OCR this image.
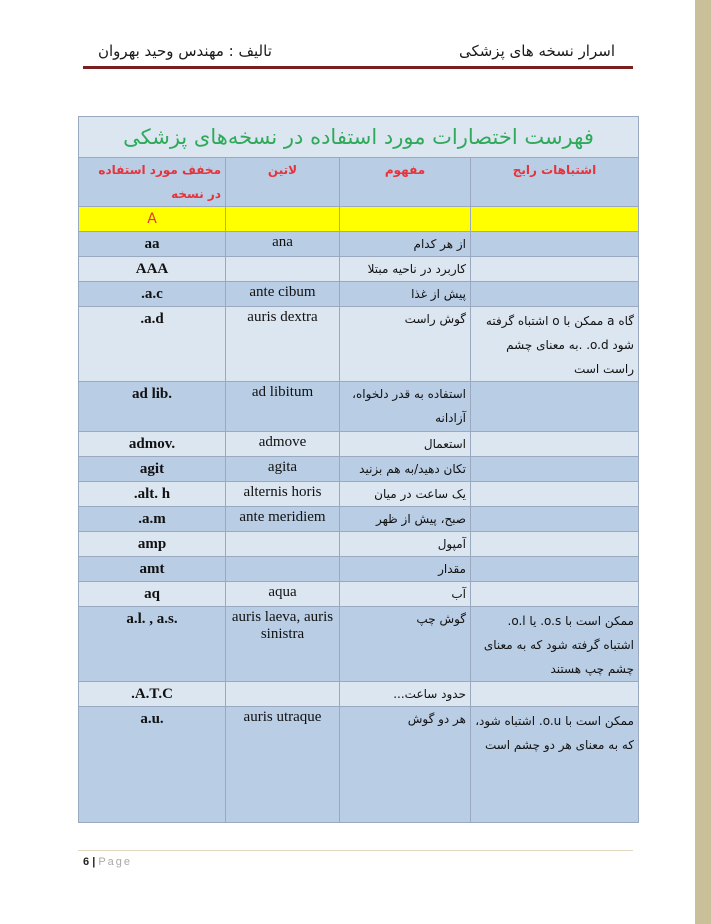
اسرار نسخه های پزشکی
تالیف : مهندس وحید بهروان
فهرست اختصارات مورد استفاده در نسخه‌های پزشکی			
مخفف مورد استفاده در نسخه	لاتین	مفهوم	اشتباهات رایج
A			
aa	ana	از هر کدام	
AAA		کاربرد در ناحیه مبتلا	
.a.c	ante cibum	پیش از غذا	
.a.d	auris dextra	گوش راست	گاه a ممکن با o اشتباه گرفته شود o.d. .به معنای چشم راست است
ad lib.	ad libitum	استفاده به قدر دلخواه، آزادانه	
admov.	admove	استعمال	
agit	agita	تکان دهید/به هم بزنید	
.alt. h	alternis horis	یک ساعت در میان	
.a.m	ante meridiem	صبح، پیش از ظهر	
amp		آمپول	
amt		مقدار	
aq	aqua	آب	
a.l. , a.s.	auris laeva, auris sinistra	گوش چپ	ممکن است با o.s. یا o.l. اشتباه گرفته شود که به معنای چشم چپ هستند
.A.T.C		حدود ساعت...	
a.u.	auris utraque	هر دو گوش	ممکن است با o.u. اشتباه شود، که به معنای هر دو چشم است
6 | Page
